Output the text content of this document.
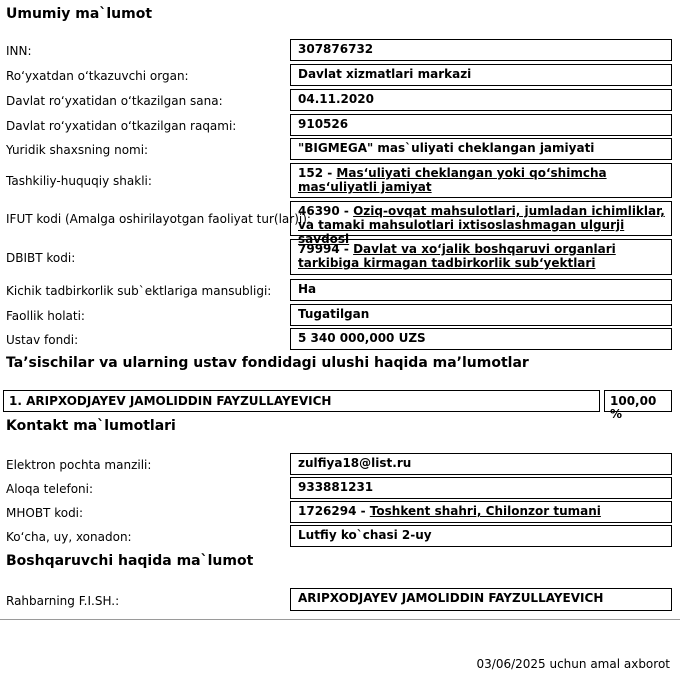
Umumiy ma`lumot
INN:	307876732
Ro‘yxatdan o‘tkazuvchi organ:	Davlat xizmatlari markazi
Davlat ro‘yxatidan o‘tkazilgan sana:	04.11.2020
Davlat ro‘yxatidan o‘tkazilgan raqami:	910526
Yuridik shaxsning nomi:	"BIGMEGA" mas`uliyati cheklangan jamiyati
Tashkiliy-huquqiy shakli:
152 - Mas‘uliyati cheklangan yoki qo‘shimcha mas‘uliyatli jamiyat
IFUT kodi (Amalga oshirilayotgan faoliyat tur(lar)i):
46390 - Oziq-ovqat mahsulotlari, jumladan ichimliklar, va tamaki mahsulotlari ixtisoslashmagan ulgurji savdosi
DBIBT kodi:
79994 - Davlat va xo‘jalik boshqaruvi organlari tarkibiga kirmagan tadbirkorlik sub‘yektlari
Kichik tadbirkorlik sub`ektlariga mansubligi:	Ha
Faollik holati:	Tugatilgan
Ustav fondi:	5 340 000,000 UZS
Ta’sischilar va ularning ustav fondidagi ulushi haqida ma’lumotlar
1. ARIPXODJAYEV JAMOLIDDIN FAYZULLAYEVICH	100,00 %
Kontakt ma`lumotlari
Elektron pochta manzili:	zulfiya18@list.ru
Aloqa telefoni:	933881231
MHOBT kodi:	1726294 - Toshkent shahri, Chilonzor tumani
Ko‘cha, uy, xonadon:	Lutfiy ko`chasi 2-uy
Boshqaruvchi haqida ma`lumot
Rahbarning F.I.SH.:	ARIPXODJAYEV JAMOLIDDIN FAYZULLAYEVICH
03/06/2025 uchun amal axborot
